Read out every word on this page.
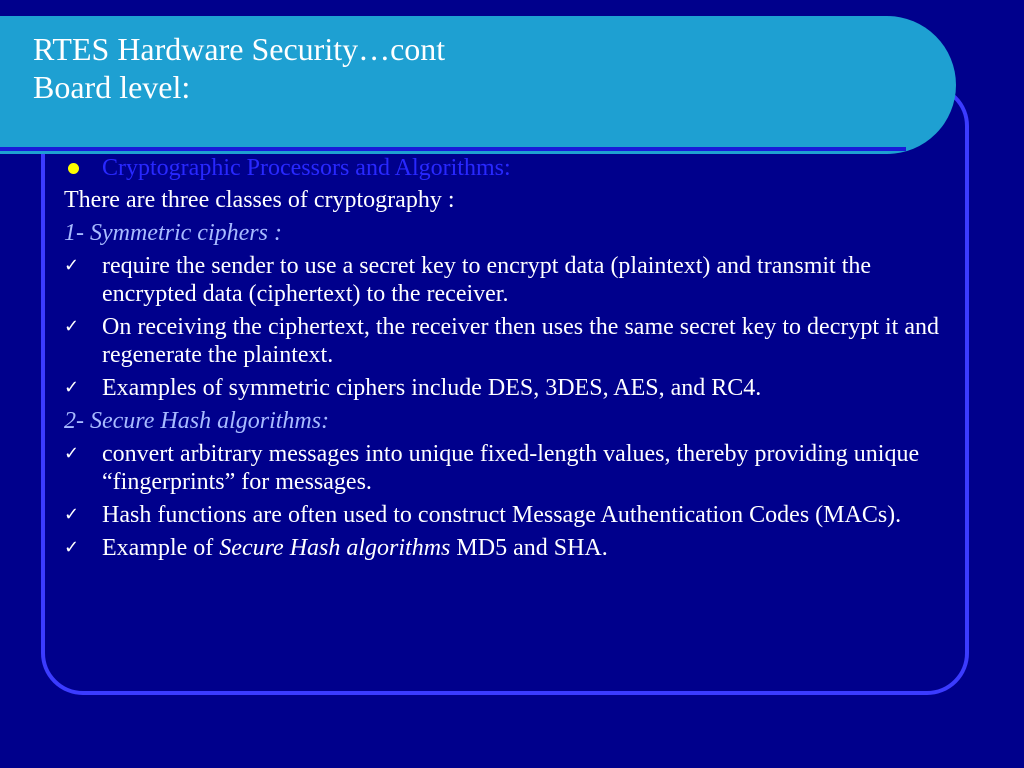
RTES Hardware Security…cont
Board level:
Cryptographic Processors and Algorithms:
There are three classes of cryptography :
1- Symmetric ciphers :
✓ require the sender to use a secret key to encrypt data (plaintext) and transmit the encrypted data (ciphertext) to the receiver.
✓ On receiving the ciphertext, the receiver then uses the same secret key to decrypt it and regenerate the plaintext.
✓ Examples of symmetric ciphers include DES, 3DES, AES, and RC4.
2- Secure Hash algorithms:
✓ convert arbitrary messages into unique fixed-length values, thereby providing unique “fingerprints” for messages.
✓ Hash functions are often used to construct Message Authentication Codes (MACs).
✓ Example of Secure Hash algorithms MD5 and SHA.
